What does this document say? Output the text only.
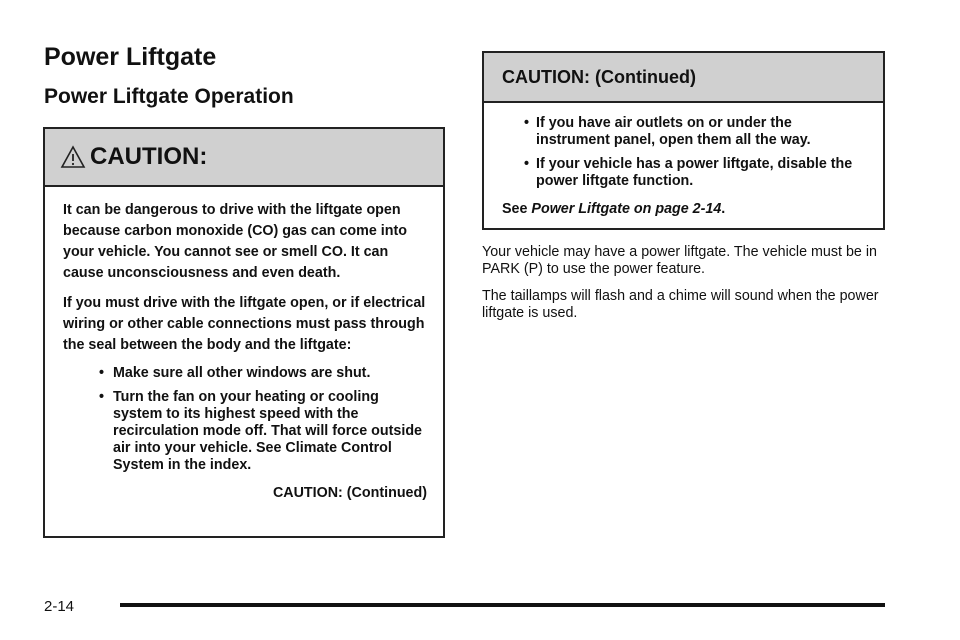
Power Liftgate
Power Liftgate Operation
CAUTION:

It can be dangerous to drive with the liftgate open because carbon monoxide (CO) gas can come into your vehicle. You cannot see or smell CO. It can cause unconsciousness and even death.

If you must drive with the liftgate open, or if electrical wiring or other cable connections must pass through the seal between the body and the liftgate:

• Make sure all other windows are shut.
• Turn the fan on your heating or cooling system to its highest speed with the recirculation mode off. That will force outside air into your vehicle. See Climate Control System in the index.

CAUTION: (Continued)

CAUTION: (Continued)
• If you have air outlets on or under the instrument panel, open them all the way.
• If your vehicle has a power liftgate, disable the power liftgate function.

See Power Liftgate on page 2-14.

Your vehicle may have a power liftgate. The vehicle must be in PARK (P) to use the power feature.

The taillamps will flash and a chime will sound when the power liftgate is used.

2-14
